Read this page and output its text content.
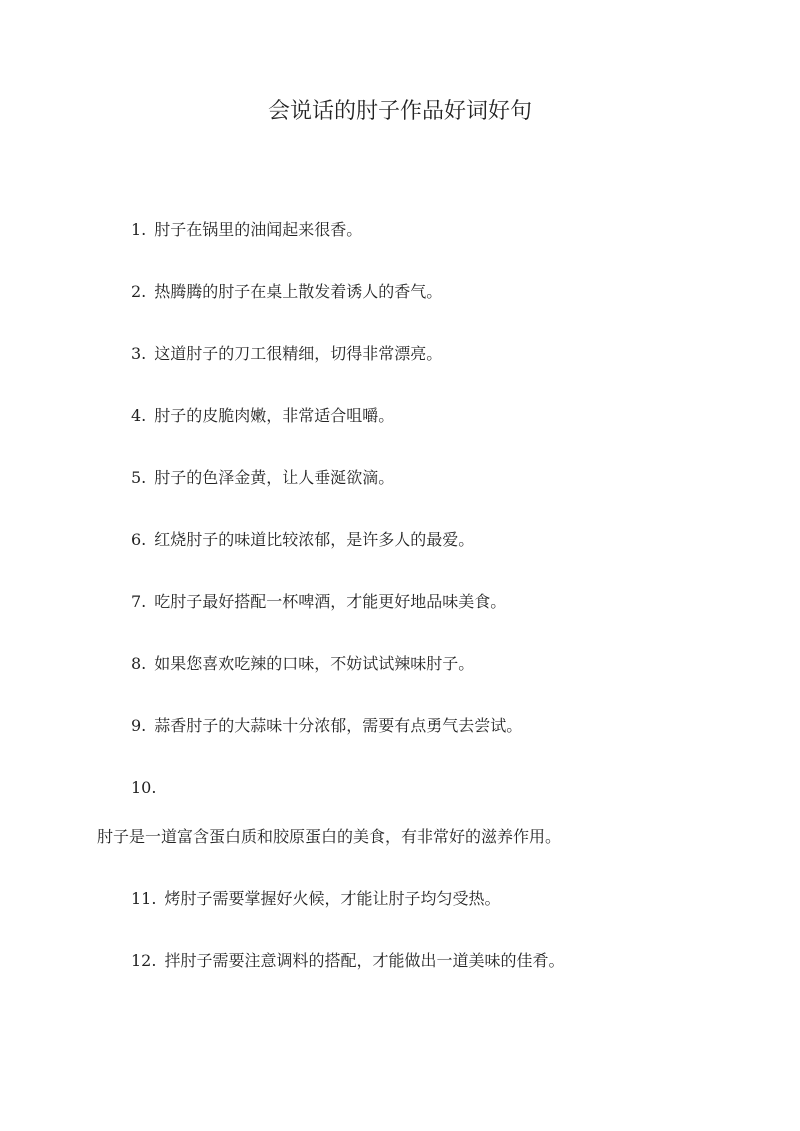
会说话的肘子作品好词好句
1. 肘子在锅里的油闻起来很香。
2. 热腾腾的肘子在桌上散发着诱人的香气。
3. 这道肘子的刀工很精细，切得非常漂亮。
4. 肘子的皮脆肉嫩，非常适合咀嚼。
5. 肘子的色泽金黄，让人垂涎欲滴。
6. 红烧肘子的味道比较浓郁，是许多人的最爱。
7. 吃肘子最好搭配一杯啤酒，才能更好地品味美食。
8. 如果您喜欢吃辣的口味，不妨试试辣味肘子。
9. 蒜香肘子的大蒜味十分浓郁，需要有点勇气去尝试。
10.
肘子是一道富含蛋白质和胶原蛋白的美食，有非常好的滋养作用。
11. 烤肘子需要掌握好火候，才能让肘子均匀受热。
12. 拌肘子需要注意调料的搭配，才能做出一道美味的佳肴。
